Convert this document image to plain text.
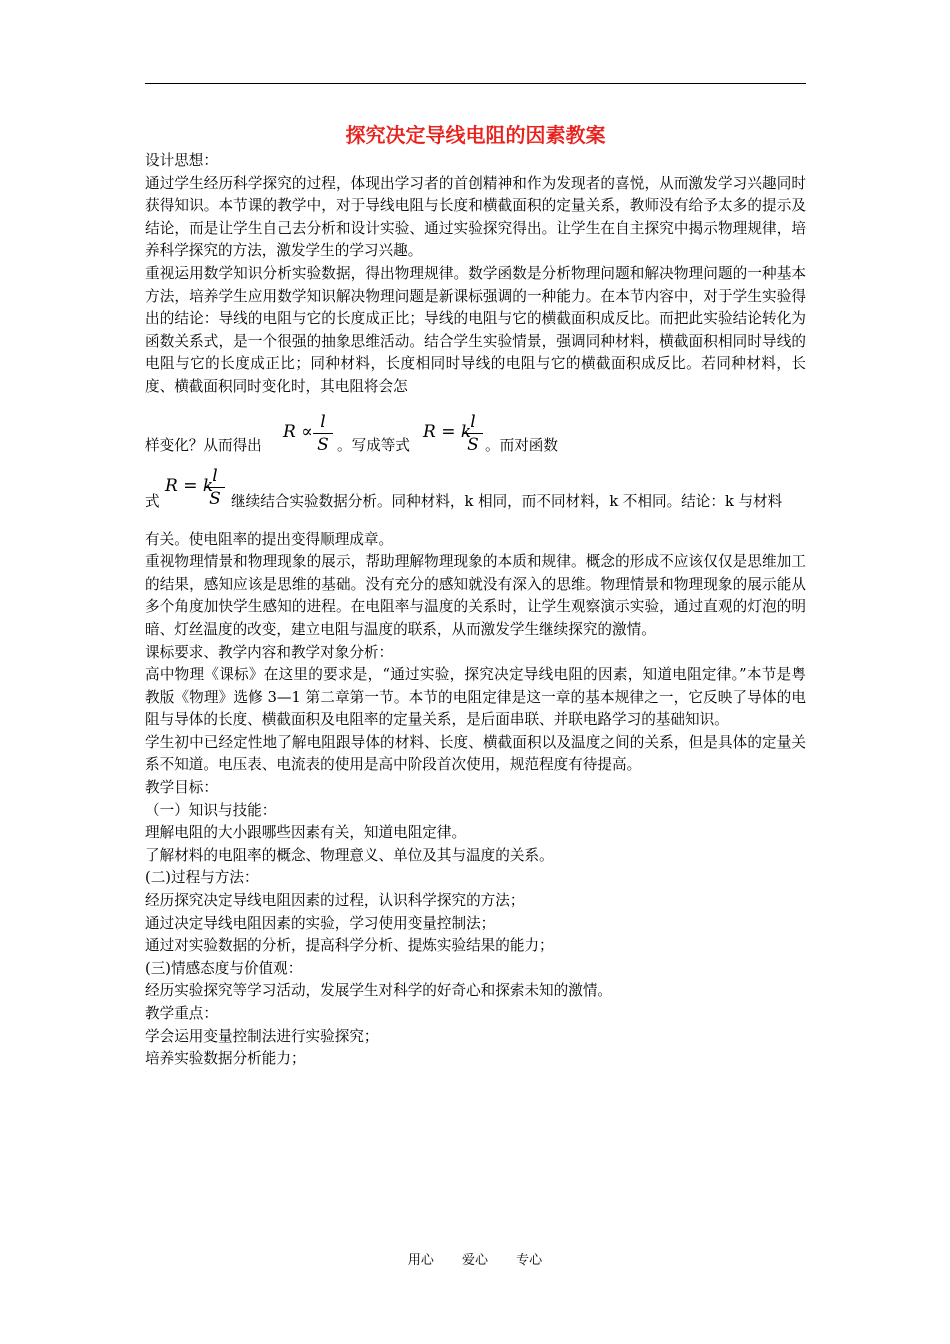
探究决定导线电阻的因素教案

设计思想：

通过学生经历科学探究的过程，体现出学习者的首创精神和作为发现者的喜悦，从而激发学习兴趣同时获得知识。本节课的教学中，对于导线电阻与长度和横截面积的定量关系，教师没有给予太多的提示及结论，而是让学生自己去分析和设计实验、通过实验探究得出。让学生在自主探究中揭示物理规律，培养科学探究的方法，激发学生的学习兴趣。

重视运用数学知识分析实验数据，得出物理规律。数学函数是分析物理问题和解决物理问题的一种基本方法，培养学生应用数学知识解决物理问题是新课标强调的一种能力。在本节内容中，对于学生实验得出的结论：导线的电阻与它的长度成正比；导线的电阻与它的横截面积成反比。而把此实验结论转化为函数关系式，是一个很强的抽象思维活动。结合学生实验情景，强调同种材料，横截面积相同时导线的电阻与它的长度成正比；同种材料，长度相同时导线的电阻与它的横截面积成反比。若同种材料，长度、横截面积同时变化时，其电阻将会怎

样变化？从而得出
$R \propto \frac{l}{S}$ 。写成等式
R = k
$\frac{l}{S}$ 。而对函数
式
R = k
$\frac{l}{S}$ 继续结合实验数据分析。同种材料，k 相同，而不同材料，k 不相同。结论：k 与材料

有关。使电阻率的提出变得顺理成章。

重视物理情景和物理现象的展示，帮助理解物理现象的本质和规律。概念的形成不应该仅仅是思维加工的结果，感知应该是思维的基础。没有充分的感知就没有深入的思维。物理情景和物理现象的展示能从多个角度加快学生感知的进程。在电阻率与温度的关系时，让学生观察演示实验，通过直观的灯泡的明暗、灯丝温度的改变，建立电阻与温度的联系，从而激发学生继续探究的激情。

课标要求、教学内容和教学对象分析：

高中物理《课标》在这里的要求是，“通过实验，探究决定导线电阻的因素，知道电阻定律。”本节是粤教版《物理》选修 3—1 第二章第一节。本节的电阻定律是这一章的基本规律之一，它反映了导体的电阻与导体的长度、横截面积及电阻率的定量关系，是后面串联、并联电路学习的基础知识。

学生初中已经定性地了解电阻跟导体的材料、长度、横截面积以及温度之间的关系，但是具体的定量关系不知道。电压表、电流表的使用是高中阶段首次使用，规范程度有待提高。

教学目标：

（一）知识与技能：

理解电阻的大小跟哪些因素有关，知道电阻定律。

了解材料的电阻率的概念、物理意义、单位及其与温度的关系。

(二)过程与方法：

经历探究决定导线电阻因素的过程，认识科学探究的方法；

通过决定导线电阻因素的实验，学习使用变量控制法；

通过对实验数据的分析，提高科学分析、提炼实验结果的能力；

(三)情感态度与价值观：

经历实验探究等学习活动，发展学生对科学的好奇心和探索未知的激情。

教学重点：

学会运用变量控制法进行实验探究；

培养实验数据分析能力；

用心 爱心 专心
